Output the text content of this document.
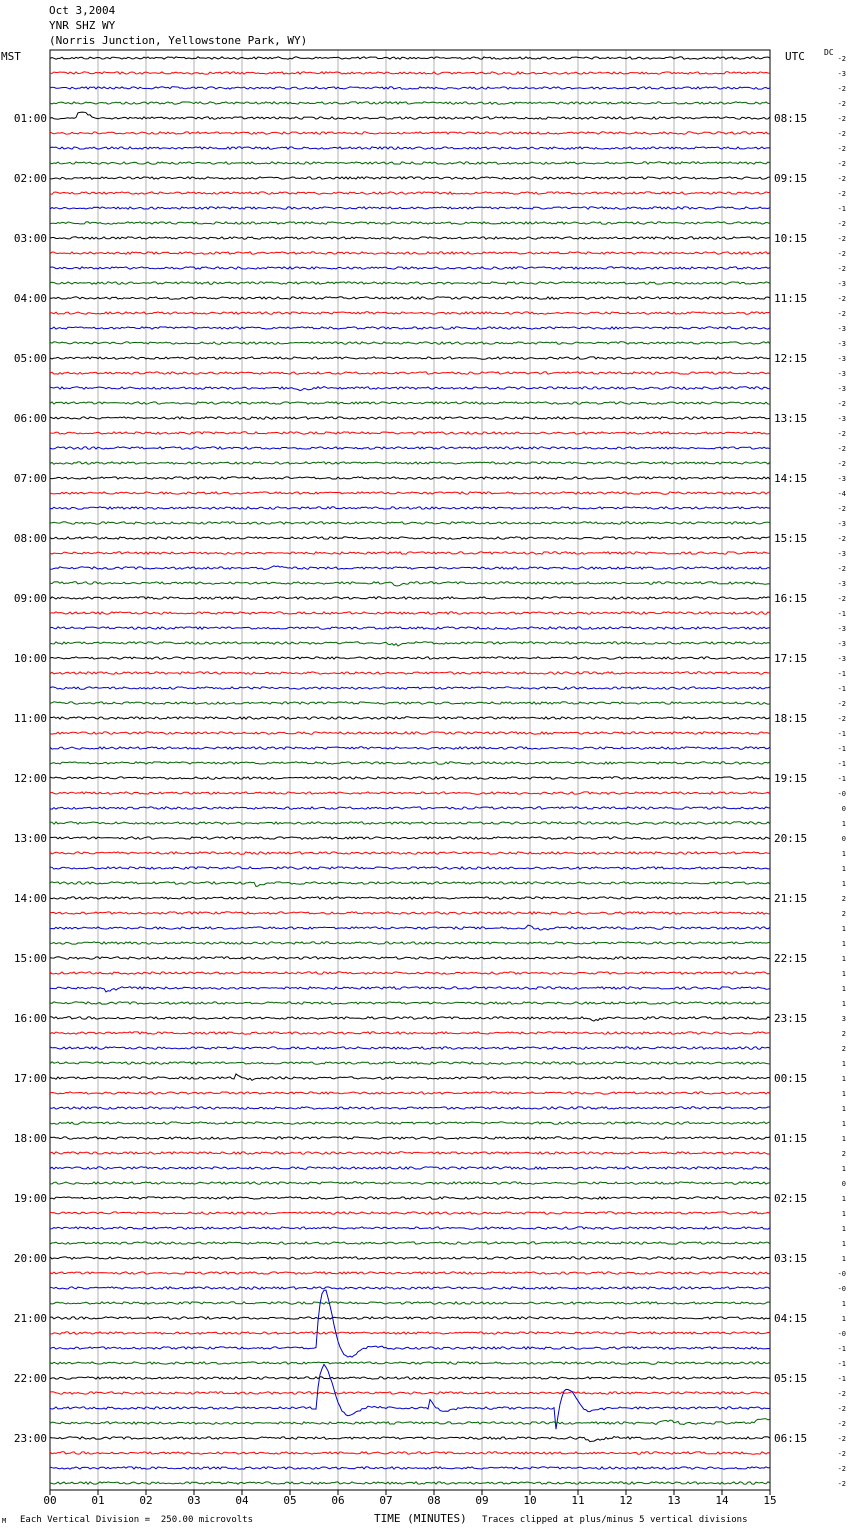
Oct 3,2004
YNR SHZ WY
(Norris Junction, Yellowstone Park, WY)
MST	UTC DC
-2
-3
-2
-2
-2
01:00	08:15
-2
-2
-2
-2
02:00	09:15
-2
-1
-2
-2
03:00	10:15
-2
-2
-3
-2
04:00	11:15
-2
-3
-3
-3
05:00	12:15
-3
-3
-2
-3
06:00	13:15
-2
-2
-2
-3
07:00	14:15
-4
-2
-3
-2
08:00	15:15
-3
-2
-3
-2
09:00	16:15
-1
-3
-3
-3
10:00	17:15
-1
-1
-2
-2
11:00	18:15
-1
-1
-1
-1
12:00	19:15
-0
0
1
0
13:00	20:15
1
1
1
2
14:00	21:15
2
1
1
1
15:00	22:15
1
1
1
3
16:00	23:15
2
2
1
1
17:00	00:15
1
1
1
1
18:00	01:15
2
1
0
1
19:00	02:15
1
1
1
1
20:00	03:15
-0
-0
1
1
21:00	04:15
-0
-1
-1
-1
22:00	05:15
-2
-2
-2
-2
23:00	06:15
-2
-2
-2
00	01	02	03	04	05	06	07	08	09	10	11	12	13	14	15
M Each Vertical Division =  250.00 microvolts	TIME (MINUTES) Traces clipped at plus/minus 5 vertical divisions
